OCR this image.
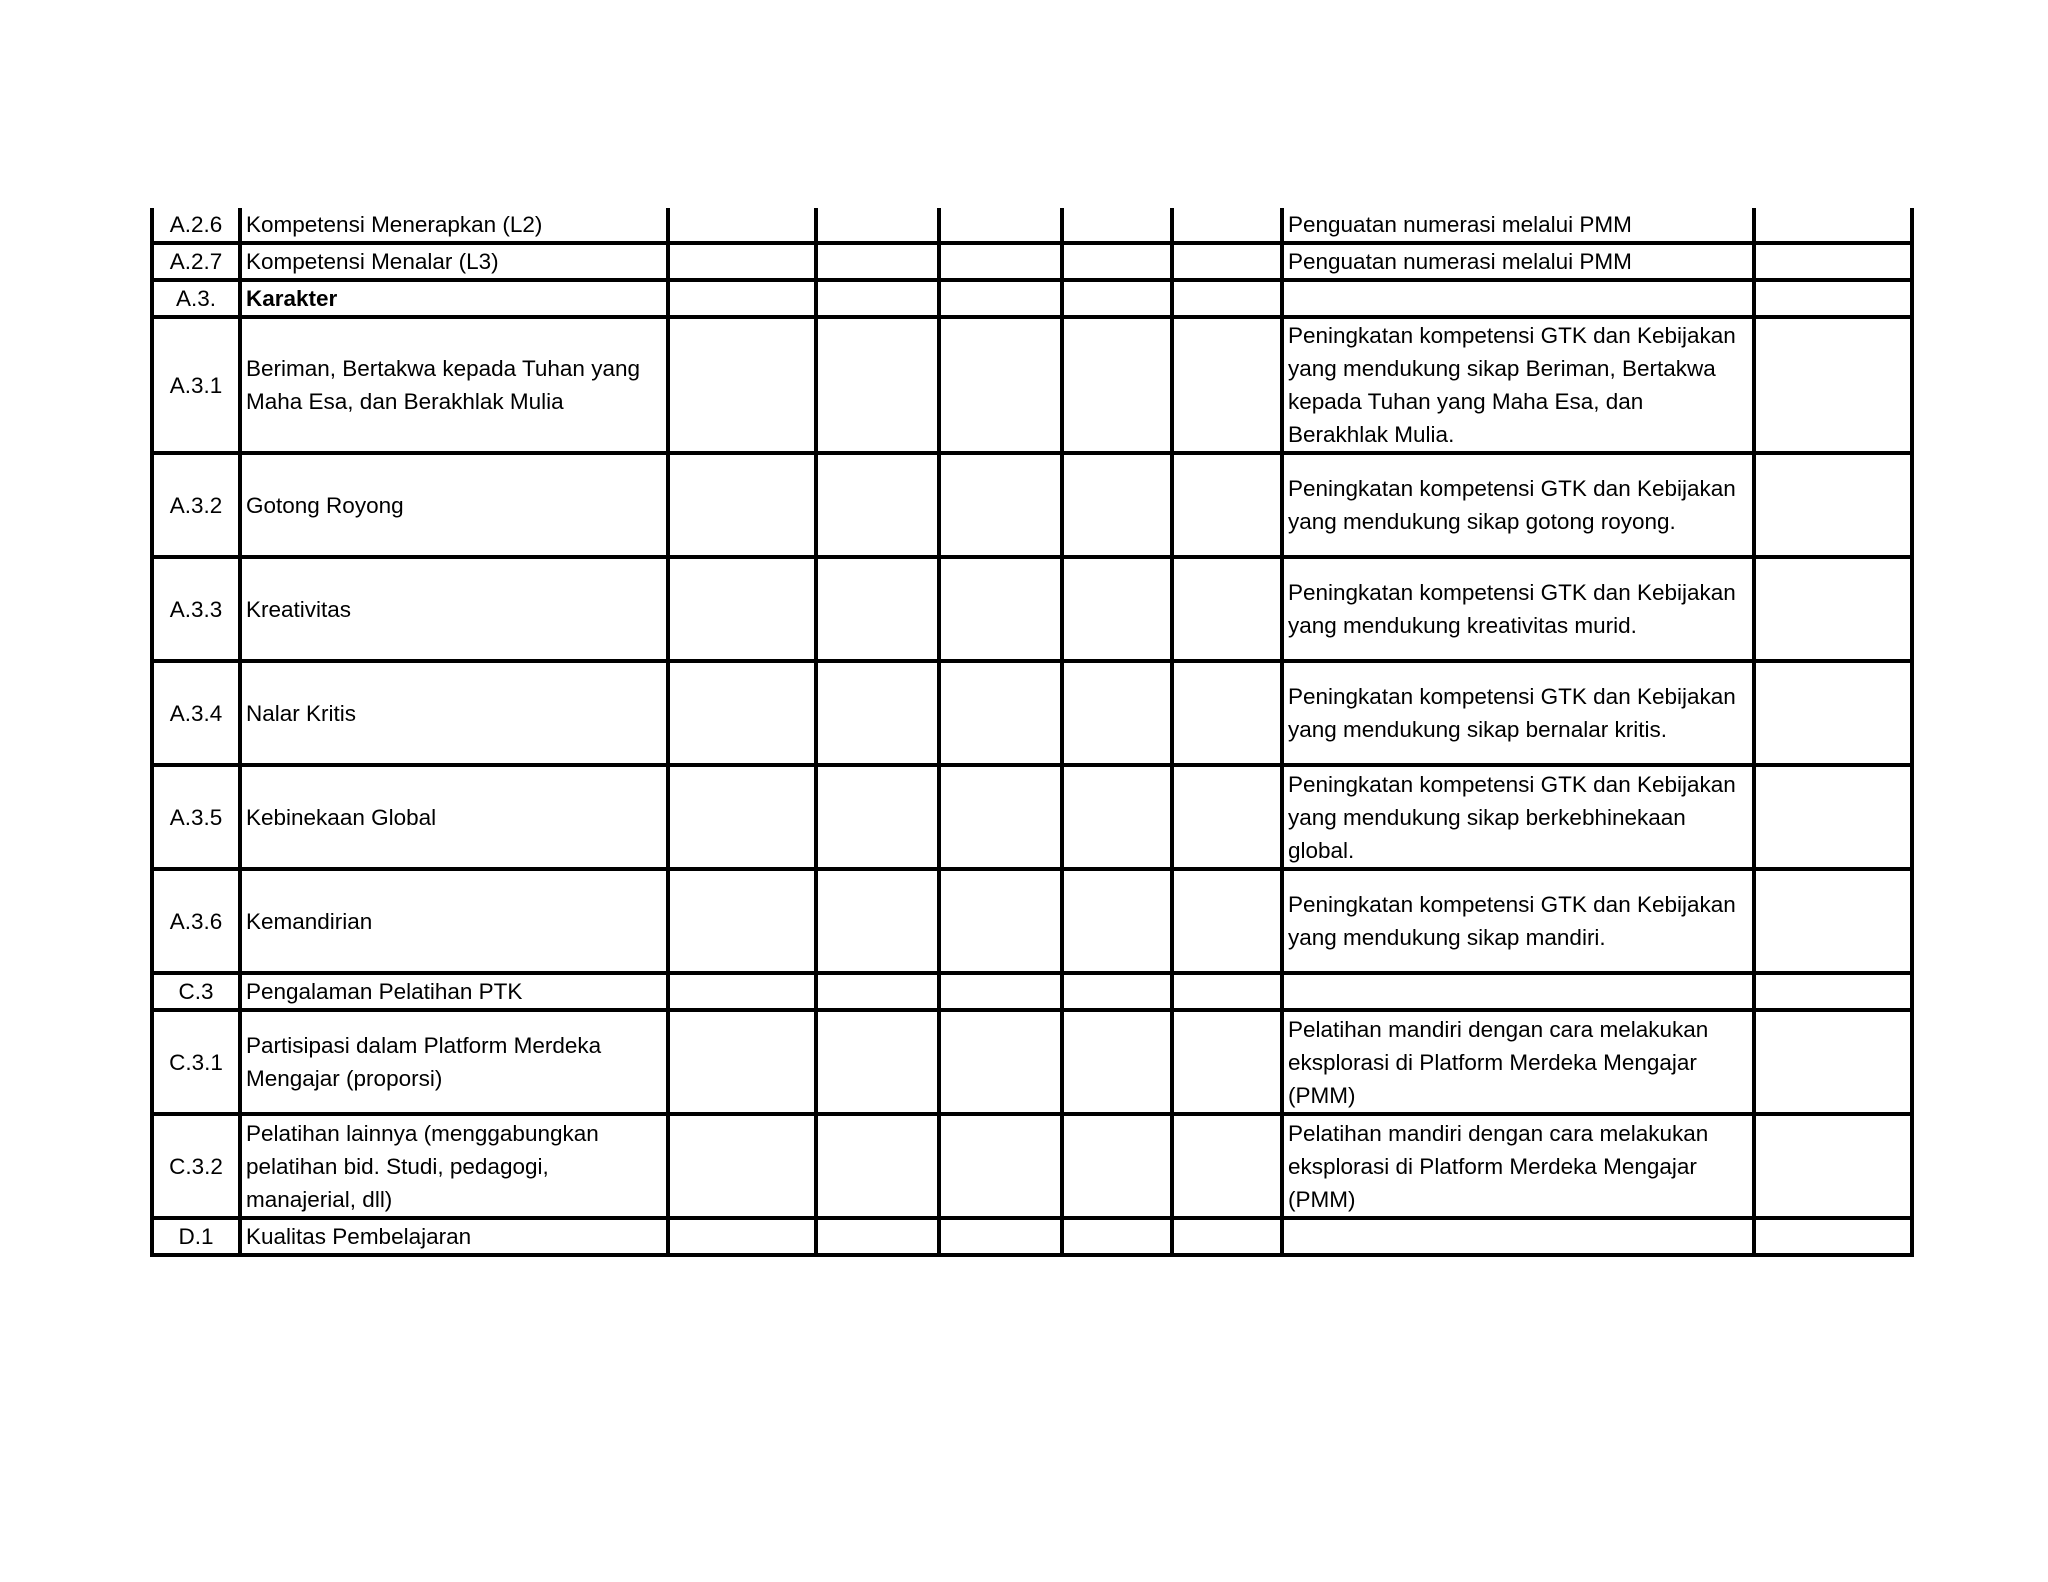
A.2.6	Kompetensi Menerapkan (L2)						Penguatan numerasi melalui PMM	
A.2.7	Kompetensi Menalar (L3)						Penguatan numerasi melalui PMM	
A.3.	Karakter							
A.3.1	Beriman, Bertakwa kepada Tuhan yang Maha Esa, dan Berakhlak Mulia						Peningkatan kompetensi GTK dan Kebijakan yang mendukung sikap Beriman, Bertakwa kepada Tuhan yang Maha Esa, dan Berakhlak Mulia.	
A.3.2	Gotong Royong						Peningkatan kompetensi GTK dan Kebijakan yang mendukung sikap gotong royong.	
A.3.3	Kreativitas						Peningkatan kompetensi GTK dan Kebijakan yang mendukung kreativitas murid.	
A.3.4	Nalar Kritis						Peningkatan kompetensi GTK dan Kebijakan yang mendukung sikap bernalar kritis.	
A.3.5	Kebinekaan Global						Peningkatan kompetensi GTK dan Kebijakan yang mendukung sikap berkebhinekaan global.	
A.3.6	Kemandirian						Peningkatan kompetensi GTK dan Kebijakan yang mendukung sikap mandiri.	
C.3	Pengalaman Pelatihan PTK							
C.3.1	Partisipasi dalam Platform Merdeka Mengajar (proporsi)						Pelatihan mandiri dengan cara melakukan eksplorasi di Platform Merdeka Mengajar (PMM)	
C.3.2	Pelatihan lainnya (menggabungkan pelatihan bid. Studi, pedagogi, manajerial, dll)						Pelatihan mandiri dengan cara melakukan eksplorasi di Platform Merdeka Mengajar (PMM)	
D.1	Kualitas Pembelajaran							
